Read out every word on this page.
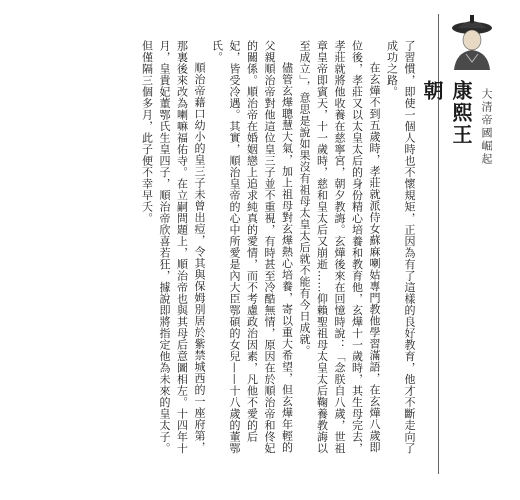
康熙王朝	大清帝國崛起

了習慣，即使一個人時也不懷規矩，正因為有了這樣的良好教育，他才不斷走向了成功之路。

在玄燁不到五歲時，孝莊就派侍女蘇麻喇姑專門教他學習滿語，在玄燁八歲即位後，孝莊又以太皇太后的身份精心培養和教育他，玄燁十一歲時，其生母完去，孝莊就將他收養在慈寧宮，朝夕教誨。玄燁後來在回憶時說：「念朕自八歲，世祖章皇帝即賓天，十一歲時，慈和皇太后又崩逝……仰賴聖祖母太皇太后鞠養教誨以至成立」，意思是說如果沒有祖母太皇太后就不能有今日成就。

儘管玄燁聰慧大氣，加上祖母對玄燁熱心培養，寄以重大希望，但玄燁年輕的父親順治帝對他這位皇三子並不重視，有時甚至冷酷無情，原因在於順治帝和佟妃的關係。順治帝在婚姻戀上追求純真的愛情，而不考慮政治因素，凡他不愛的后妃，皆受冷遇。其實，順治皇帝的心中所愛是內大臣鄂碩的女兒——十八歲的董鄂氏。

順治帝藉口幼小的皇三子未曾出痘，令其與保姆別居於紫禁城西的一座府第，那裏後來改為喇嘛福佑寺。在立嗣問題上，順治帝也與其母后意圖相左。十四年十月，皇貴妃董鄂氏生皇四子，順治帝欣喜若狂，據說即將指定他為未來的皇太子。但僅隔三個多月，此子便不幸早夭。
